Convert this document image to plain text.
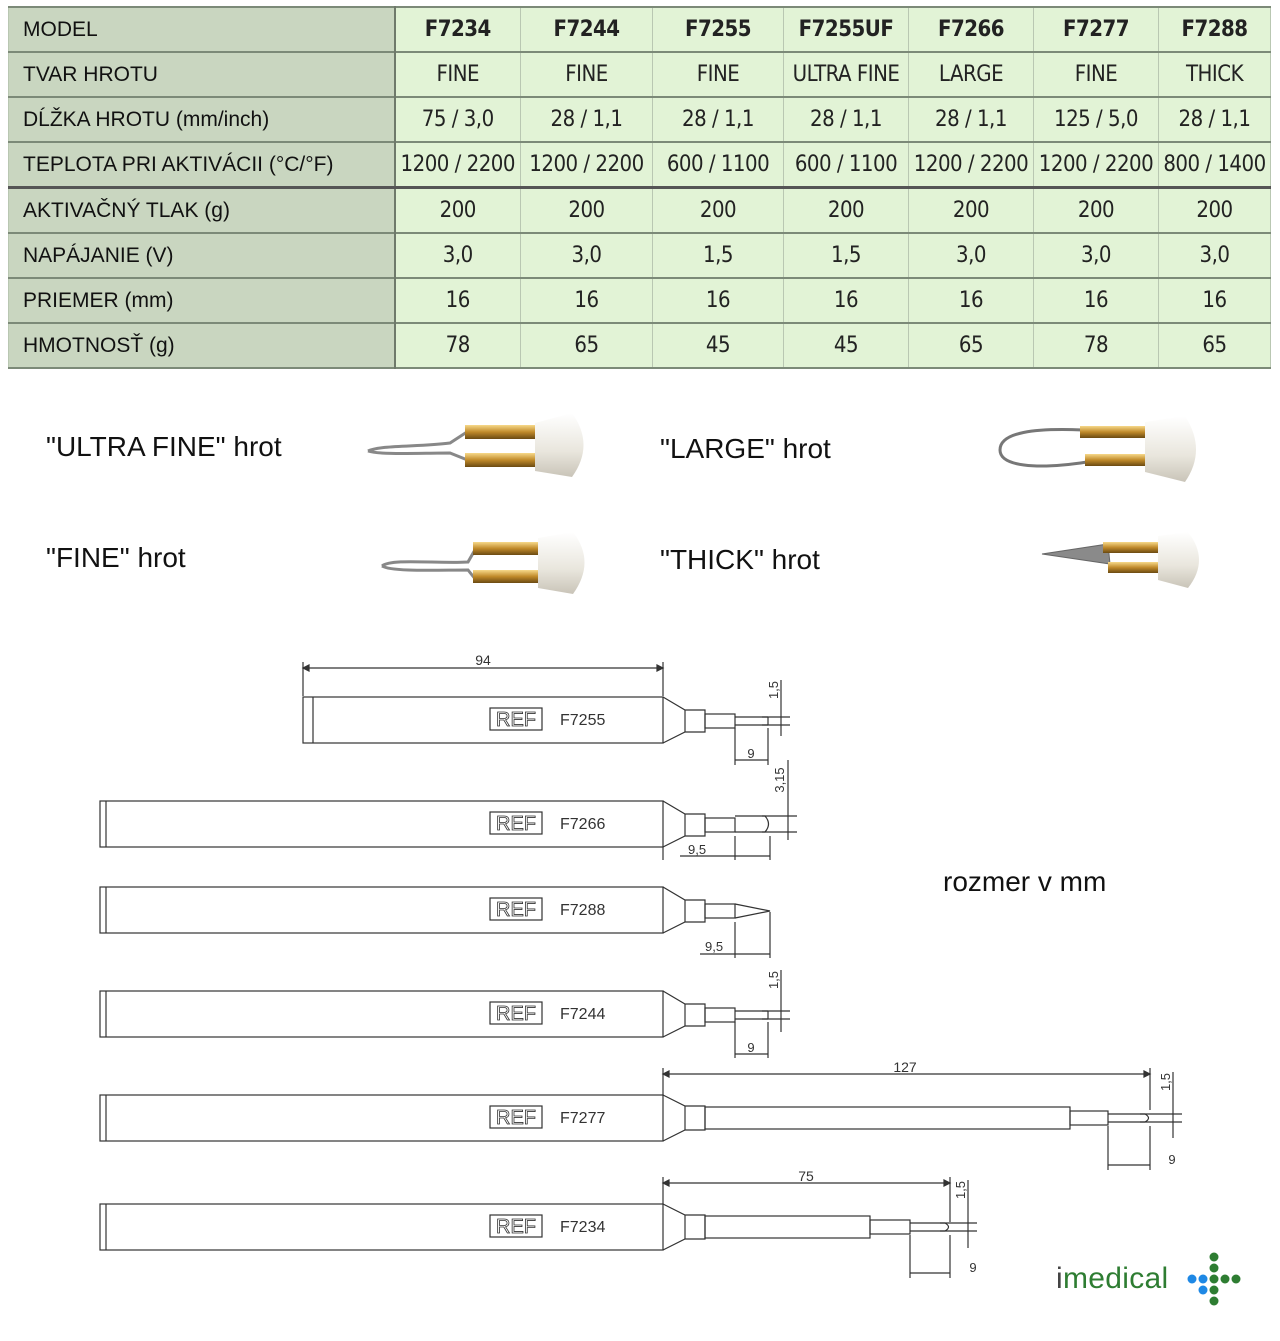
MODEL	F7234	F7244	F7255	F7255UF	F7266	F7277	F7288
TVAR HROTU	FINE	FINE	FINE	ULTRA FINE	LARGE	FINE	THICK
DĹŽKA HROTU (mm/inch)	75 / 3,0	28 / 1,1	28 / 1,1	28 / 1,1	28 / 1,1	125 / 5,0	28 / 1,1
TEPLOTA PRI AKTIVÁCII (°C/°F)	1200 / 2200	1200 / 2200	600 / 1100	600 / 1100	1200 / 2200	1200 / 2200	800 / 1400
AKTIVAČNÝ TLAK (g)	200	200	200	200	200	200	200
NAPÁJANIE (V)	3,0	3,0	1,5	1,5	3,0	3,0	3,0
PRIEMER (mm)	16	16	16	16	16	16	16
HMOTNOSŤ (g)	78	65	45	45	65	78	65
"ULTRA FINE" hrot	"LARGE" hrot
"FINE" hrot	"THICK" hrot
94
REF F7255
1,5
9
REF F7266
3,15
9,5
REF F7288
9,5
REF F7244
1,5
9
127
REF F7277
1,5
9
75
REF F7234
1,5
9
rozmer v mm
imedical
